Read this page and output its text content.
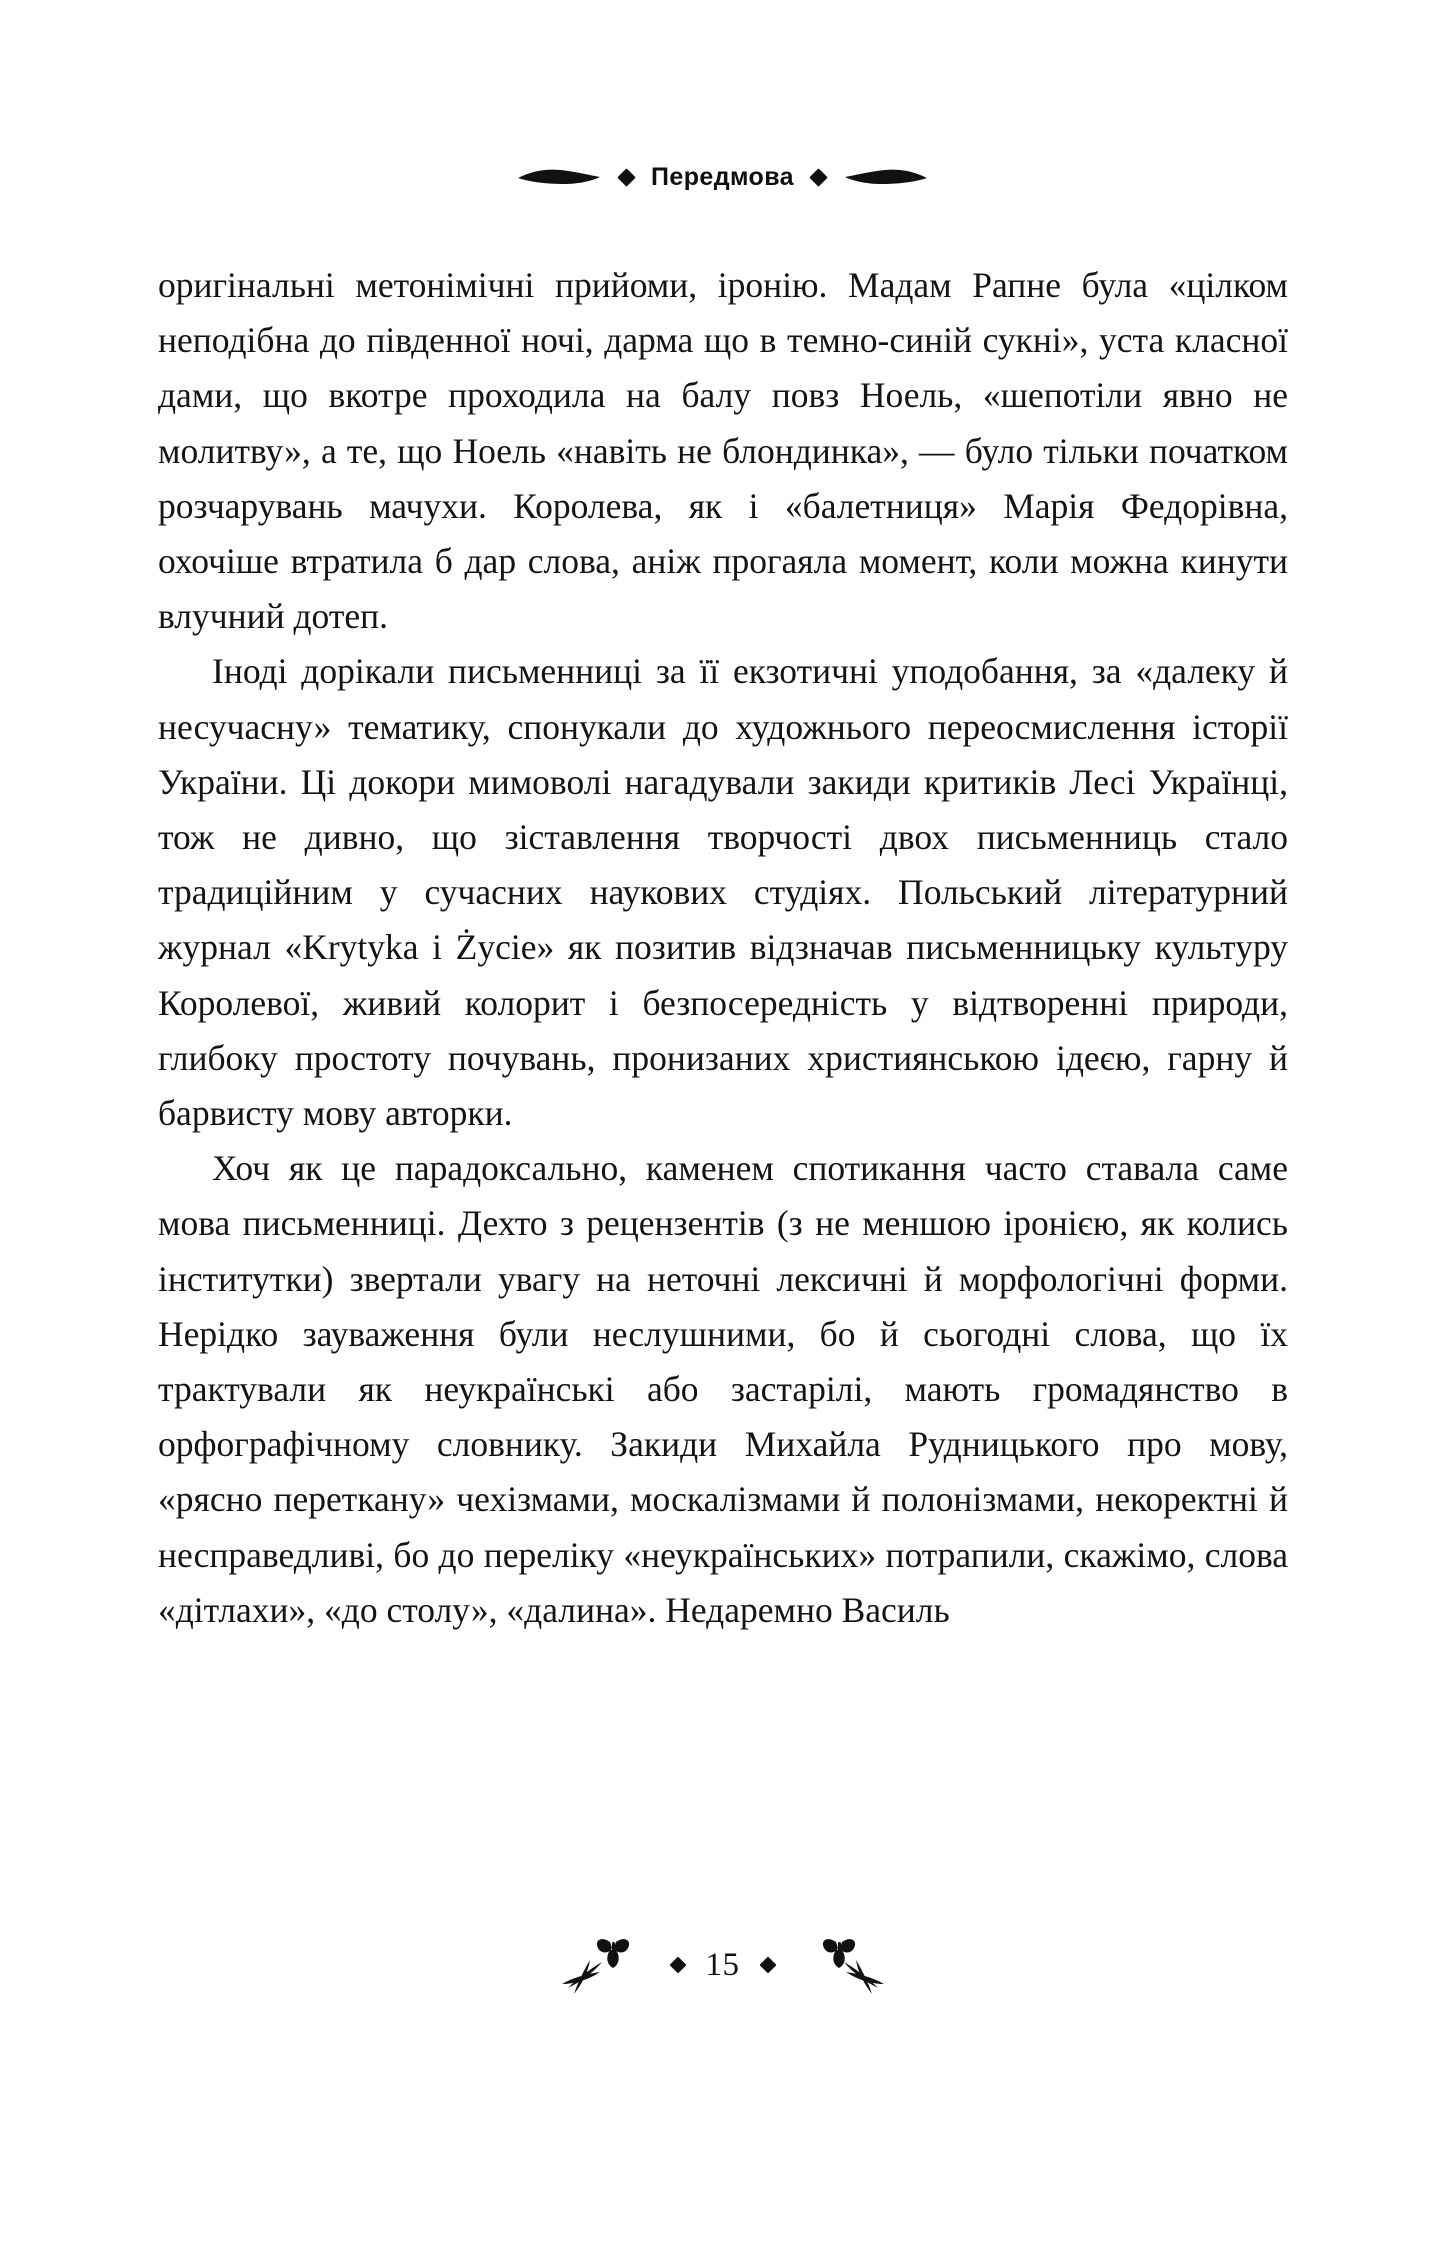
Передмова

оригінальні метонімічні прийоми, іронію. Мадам Рапне була «цілком неподібна до південної ночі, дарма що в темно-синій сукні», уста класної дами, що вкотре проходила на балу повз Ноель, «шепотіли явно не молитву», а те, що Ноель «навіть не блондинка», — було тільки початком розчарувань мачухи. Королева, як і «балетниця» Марія Федорівна, охочіше втратила б дар слова, аніж прогаяла момент, коли можна кинути влучний дотеп.

Іноді дорікали письменниці за її екзотичні уподобання, за «далеку й несучасну» тематику, спонукали до художнього переосмислення історії України. Ці докори мимоволі нагадували закиди критиків Лесі Українці, тож не дивно, що зіставлення творчості двох письменниць стало традиційним у сучасних наукових студіях. Польський літературний журнал «Krytyka i Życie» як позитив відзначав письменницьку культуру Королевої, живий колорит і безпосередність у відтворенні природи, глибоку простоту почувань, пронизаних християнською ідеєю, гарну й барвисту мову авторки.

Хоч як це парадоксально, каменем спотикання часто ставала саме мова письменниці. Дехто з рецензентів (з не меншою іронією, як колись інститутки) звертали увагу на неточні лексичні й морфологічні форми. Нерідко зауваження були неслушними, бо й сьогодні слова, що їх трактували як неукраїнські або застарілі, мають громадянство в орфографічному словнику. Закиди Михайла Рудницького про мову, «рясно переткану» чехізмами, москалізмами й полонізмами, некоректні й несправедливі, бо до переліку «неукраїнських» потрапили, скажімо, слова «дітлахи», «до столу», «далина». Недаремно Василь

15
